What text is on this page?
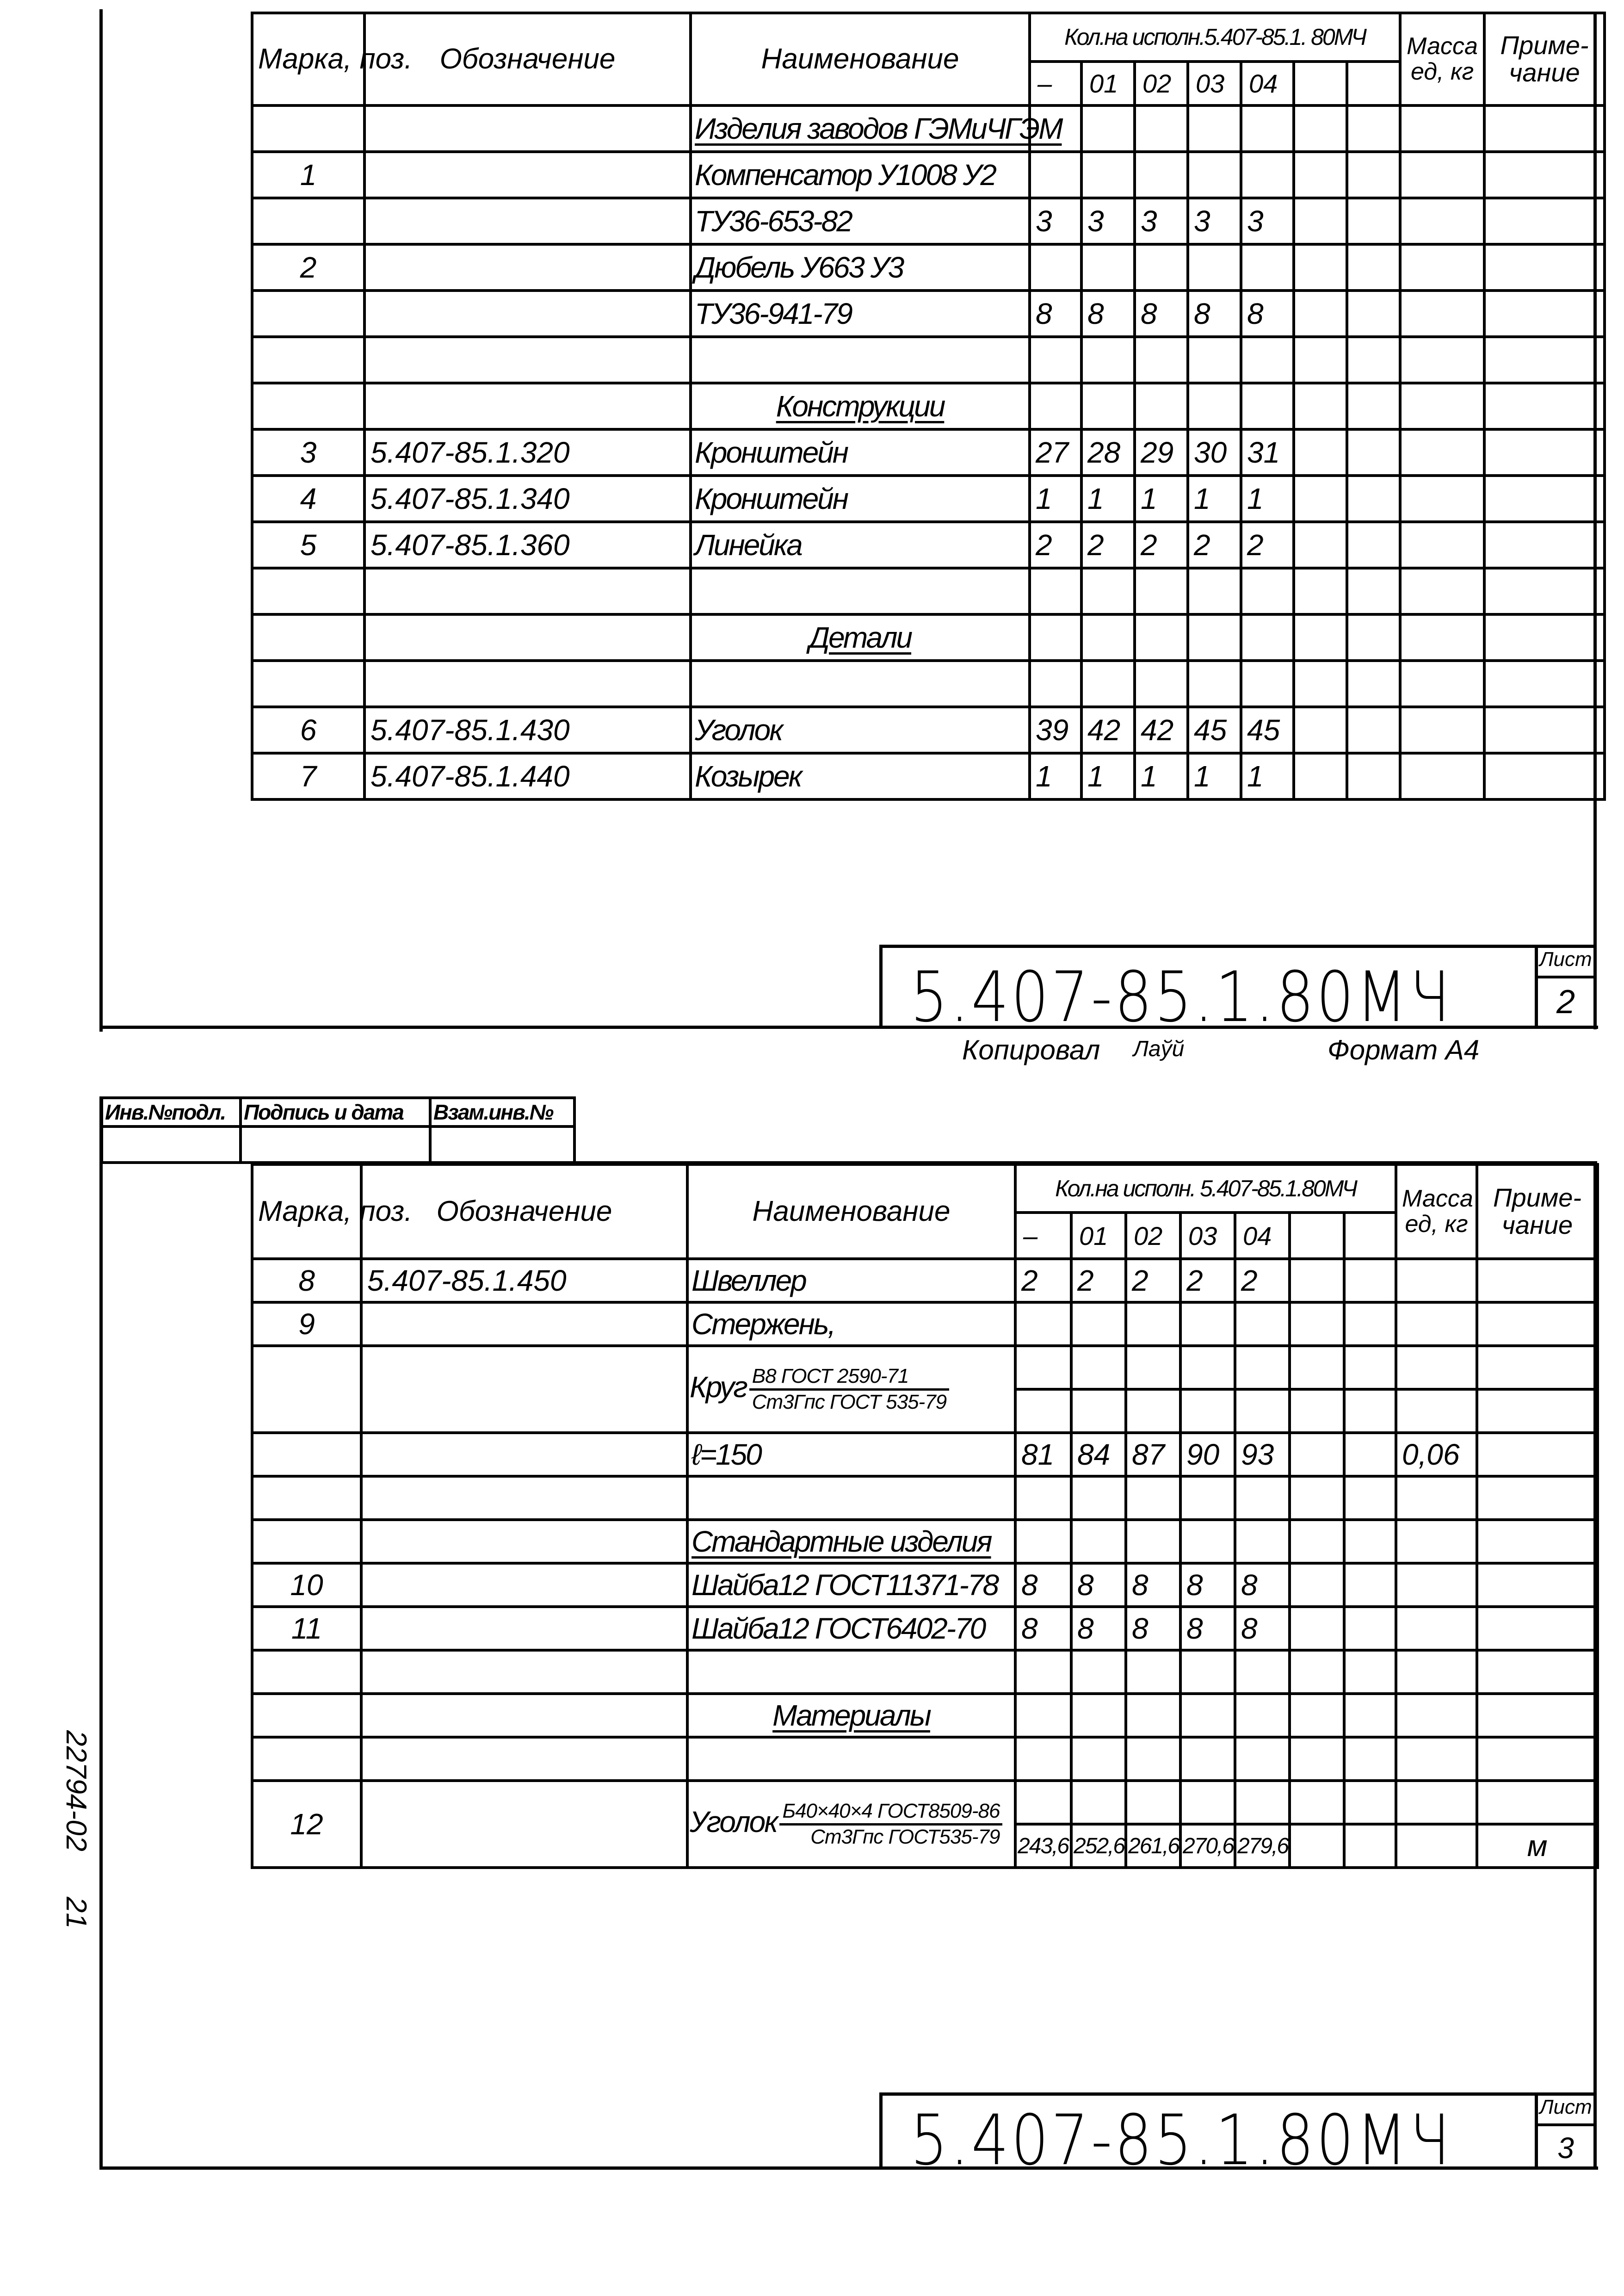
Марка, поз.	Обозначение	Наименование	Кол.на исполн.5.407-85.1. 80МЧ							Масса ед, кг	Приме- чание
			–	01	02	03	04				
		Изделия заводов ГЭМиЧГЭМ									
1		Компенсатор У1008 У2									
		ТУ36-653-82	3	3	3	3	3				
2		Дюбель У663 У3									
		ТУ36-941-79	8	8	8	8	8				

		Конструкции									
3	5.407-85.1.320	Кронштейн	27	28	29	30	31				
4	5.407-85.1.340	Кронштейн	1	1	1	1	1				
5	5.407-85.1.360	Линейка	2	2	2	2	2				

		Детали									

6	5.407-85.1.430	Уголок	39	42	42	45	45				
7	5.407-85.1.440	Козырек	1	1	1	1	1				
5.407-85.1.80МЧ	Лист
2
Копировал Лаўй	Формат А4
Инв.№подл.	Подпись и дата	Взам.инв.№

22794-02
21
Марка, поз.	Обозначение	Наименование	Кол.на исполн. 5.407-85.1.80МЧ							Масса ед, кг	Приме- чание
			–	01	02	03	04				
8	5.407-85.1.450	Швеллер	2	2	2	2	2				
9		Стержень,									
		Круг $\frac{\text{В8 ГОСТ 2590-71}}{\text{Ст3Гпс ГОСТ 535-79}}$

		ℓ=150	81	84	87	90	93			0,06	

		Стандартные изделия									
10		Шайба12 ГОСТ11371-78	8	8	8	8	8				
11		Шайба12 ГОСТ6402-70	8	8	8	8	8				

		Материалы									

12		Уголок $\frac{\text{Б40×40×4 ГОСТ8509-86}}{\text{Ст3Гпс ГОСТ535-79}}$

			243,6	252,6	261,6	270,6	279,6				м
5.407-85.1.80МЧ	Лист
3
